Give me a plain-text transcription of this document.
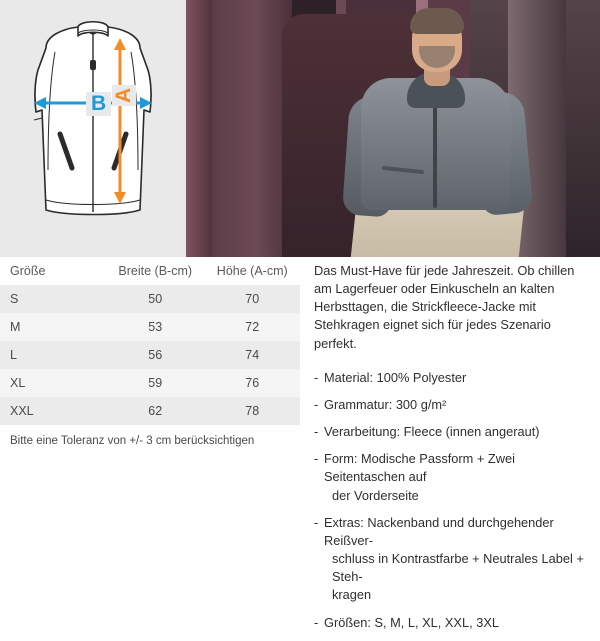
B A
Größe	Breite (B-cm)	Höhe (A-cm)
S	50	70
M	53	72
L	56	74
XL	59	76
XXL	62	78
Bitte eine Toleranz von +/- 3 cm berücksichtigen

Das Must-Have für jede Jahreszeit. Ob chillen am Lagerfeuer oder Einkuscheln an kalten Herbsttagen, die Strickfleece-Jacke mit Stehkragen eignet sich für jedes Szenario perfekt.

- Material: 100% Polyester
- Grammatur: 300 g/m²
- Verarbeitung: Fleece (innen angeraut)
- Form: Modische Passform + Zwei Seitentaschen auf
der Vorderseite
- Extras: Nackenband und durchgehender Reißver-
schluss in Kontrastfarbe + Neutrales Label + Steh-
kragen
- Größen: S, M, L, XL, XXL, 3XL
